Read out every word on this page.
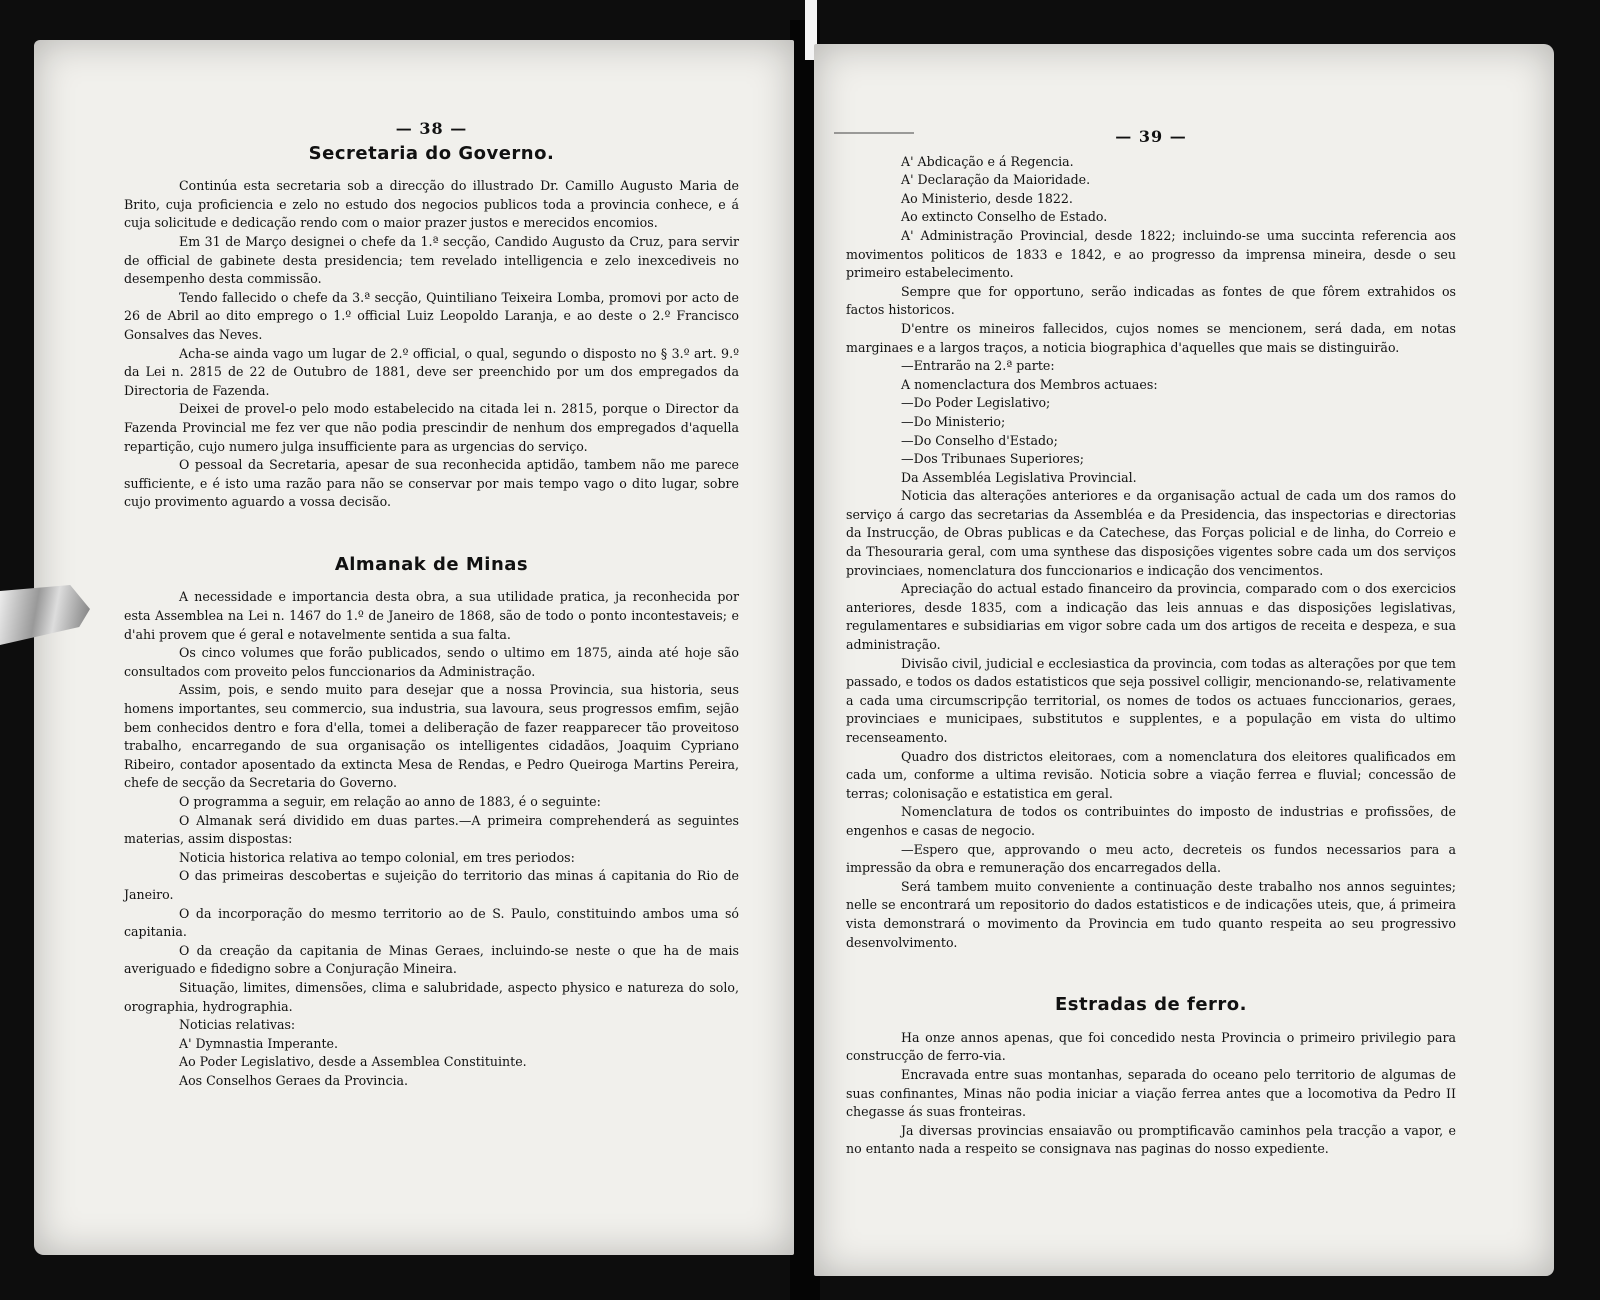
— 38 —
Secretaria do Governo.

Continúa esta secretaria sob a direcção do illustrado Dr. Camillo Augusto Maria de Brito, cuja proficiencia e zelo no estudo dos negocios publicos toda a provincia conhece, e á cuja solicitude e dedicação rendo com o maior prazer justos e merecidos encomios.

Em 31 de Março designei o chefe da 1.ª secção, Candido Augusto da Cruz, para servir de official de gabinete desta presidencia; tem revelado intelligencia e zelo inexcediveis no desempenho desta commissão.

Tendo fallecido o chefe da 3.ª secção, Quintiliano Teixeira Lomba, promovi por acto de 26 de Abril ao dito emprego o 1.º official Luiz Leopoldo Laranja, e ao deste o 2.º Francisco Gonsalves das Neves.

Acha-se ainda vago um lugar de 2.º official, o qual, segundo o disposto no § 3.º art. 9.º da Lei n. 2815 de 22 de Outubro de 1881, deve ser preenchido por um dos empregados da Directoria de Fazenda.

Deixei de provel-o pelo modo estabelecido na citada lei n. 2815, porque o Director da Fazenda Provincial me fez ver que não podia prescindir de nenhum dos empregados d'aquella repartição, cujo numero julga insufficiente para as urgencias do serviço.

O pessoal da Secretaria, apesar de sua reconhecida aptidão, tambem não me parece sufficiente, e é isto uma razão para não se conservar por mais tempo vago o dito lugar, sobre cujo provimento aguardo a vossa decisão.

Almanak de Minas

A necessidade e importancia desta obra, a sua utilidade pratica, ja reconhecida por esta Assemblea na Lei n. 1467 do 1.º de Janeiro de 1868, são de todo o ponto incontestaveis; e d'ahi provem que é geral e notavelmente sentida a sua falta.

Os cinco volumes que forão publicados, sendo o ultimo em 1875, ainda até hoje são consultados com proveito pelos funccionarios da Administração.

Assim, pois, e sendo muito para desejar que a nossa Provincia, sua historia, seus homens importantes, seu commercio, sua industria, sua lavoura, seus progressos emfim, sejão bem conhecidos dentro e fora d'ella, tomei a deliberação de fazer reapparecer tão proveitoso trabalho, encarregando de sua organisação os intelligentes cidadãos, Joaquim Cypriano Ribeiro, contador aposentado da extincta Mesa de Rendas, e Pedro Queiroga Martins Pereira, chefe de secção da Secretaria do Governo.

O programma a seguir, em relação ao anno de 1883, é o seguinte:

O Almanak será dividido em duas partes.—A primeira comprehenderá as seguintes materias, assim dispostas:

Noticia historica relativa ao tempo colonial, em tres periodos:

O das primeiras descobertas e sujeição do territorio das minas á capitania do Rio de Janeiro.

O da incorporação do mesmo territorio ao de S. Paulo, constituindo ambos uma só capitania.

O da creação da capitania de Minas Geraes, incluindo-se neste o que ha de mais averiguado e fidedigno sobre a Conjuração Mineira.

Situação, limites, dimensões, clima e salubridade, aspecto physico e natureza do solo, orographia, hydrographia.

Noticias relativas:

A' Dymnastia Imperante.

Ao Poder Legislativo, desde a Assemblea Constituinte.

Aos Conselhos Geraes da Provincia.

— 39 —

A' Abdicação e á Regencia.

A' Declaração da Maioridade.

Ao Ministerio, desde 1822.

Ao extincto Conselho de Estado.

A' Administração Provincial, desde 1822; incluindo-se uma succinta referencia aos movimentos politicos de 1833 e 1842, e ao progresso da imprensa mineira, desde o seu primeiro estabelecimento.

Sempre que for opportuno, serão indicadas as fontes de que fôrem extrahidos os factos historicos.

D'entre os mineiros fallecidos, cujos nomes se mencionem, será dada, em notas marginaes e a largos traços, a noticia biographica d'aquelles que mais se distinguirão.

—Entrarão na 2.ª parte:

A nomenclactura dos Membros actuaes:

—Do Poder Legislativo;

—Do Ministerio;

—Do Conselho d'Estado;

—Dos Tribunaes Superiores;

Da Assembléa Legislativa Provincial.

Noticia das alterações anteriores e da organisação actual de cada um dos ramos do serviço á cargo das secretarias da Assembléa e da Presidencia, das inspectorias e directorias da Instrucção, de Obras publicas e da Catechese, das Forças policial e de linha, do Correio e da Thesouraria geral, com uma synthese das disposições vigentes sobre cada um dos serviços provinciaes, nomenclatura dos funccionarios e indicação dos vencimentos.

Apreciação do actual estado financeiro da provincia, comparado com o dos exercicios anteriores, desde 1835, com a indicação das leis annuas e das disposições legislativas, regulamentares e subsidiarias em vigor sobre cada um dos artigos de receita e despeza, e sua administração.

Divisão civil, judicial e ecclesiastica da provincia, com todas as alterações por que tem passado, e todos os dados estatisticos que seja possivel colligir, mencionando-se, relativamente a cada uma circumscripção territorial, os nomes de todos os actuaes funccionarios, geraes, provinciaes e municipaes, substitutos e supplentes, e a população em vista do ultimo recenseamento.

Quadro dos districtos eleitoraes, com a nomenclatura dos eleitores qualificados em cada um, conforme a ultima revisão. Noticia sobre a viação ferrea e fluvial; concessão de terras; colonisação e estatistica em geral.

Nomenclatura de todos os contribuintes do imposto de industrias e profissões, de engenhos e casas de negocio.

—Espero que, approvando o meu acto, decreteis os fundos necessarios para a impressão da obra e remuneração dos encarregados della.

Será tambem muito conveniente a continuação deste trabalho nos annos seguintes; nelle se encontrará um repositorio do dados estatisticos e de indicações uteis, que, á primeira vista demonstrará o movimento da Provincia em tudo quanto respeita ao seu progressivo desenvolvimento.

Estradas de ferro.

Ha onze annos apenas, que foi concedido nesta Provincia o primeiro privilegio para construcção de ferro-via.

Encravada entre suas montanhas, separada do oceano pelo territorio de algumas de suas confinantes, Minas não podia iniciar a viação ferrea antes que a locomotiva da Pedro II chegasse ás suas fronteiras.

Ja diversas provincias ensaiavão ou promptificavão caminhos pela tracção a vapor, e no entanto nada a respeito se consignava nas paginas do nosso expediente.
